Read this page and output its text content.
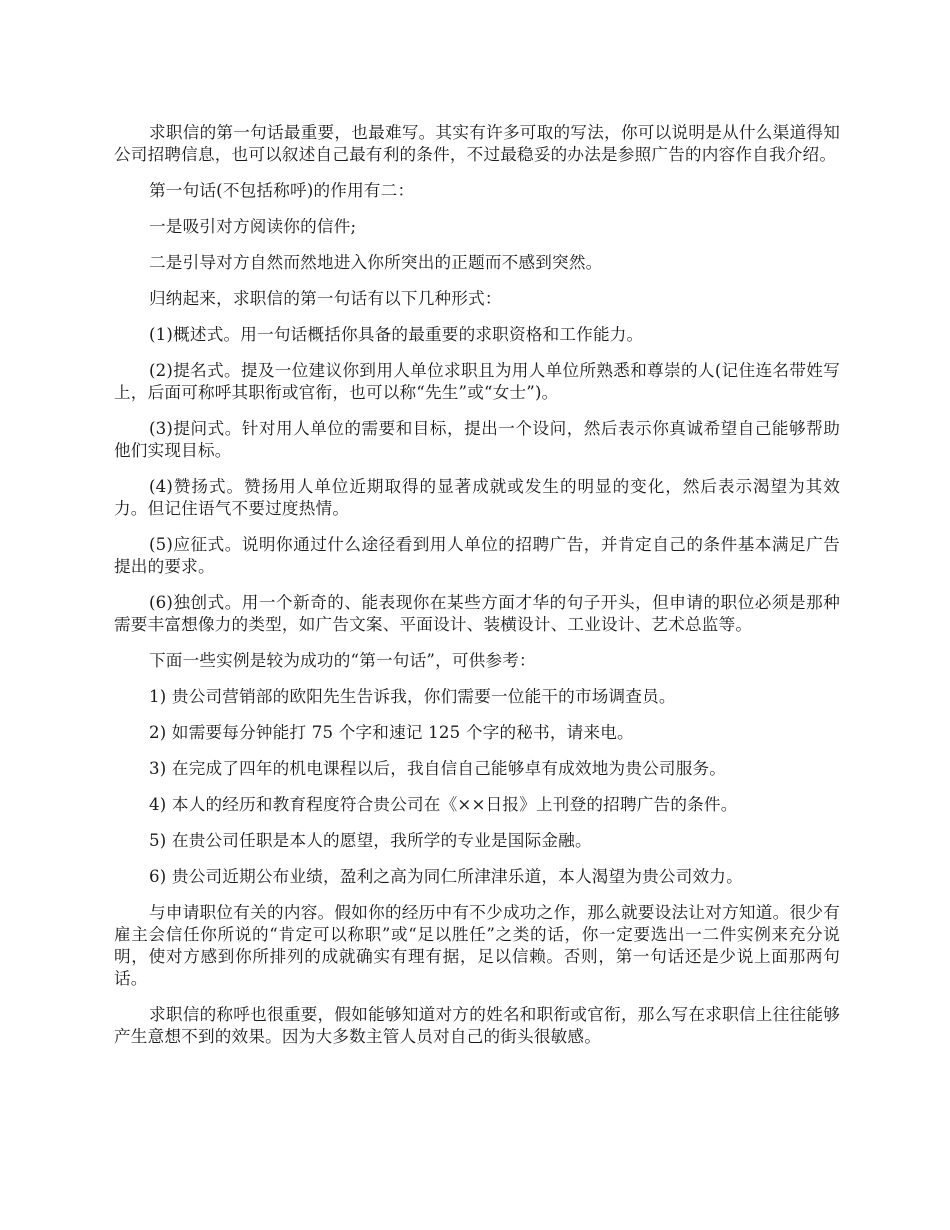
求职信的第一句话最重要，也最难写。其实有许多可取的写法，你可以说明是从什么渠道得知公司招聘信息，也可以叙述自己最有利的条件，不过最稳妥的办法是参照广告的内容作自我介绍。

第一句话(不包括称呼)的作用有二：

一是吸引对方阅读你的信件;

二是引导对方自然而然地进入你所突出的正题而不感到突然。

归纳起来，求职信的第一句话有以下几种形式：

(1)概述式。用一句话概括你具备的最重要的求职资格和工作能力。

(2)提名式。提及一位建议你到用人单位求职且为用人单位所熟悉和尊崇的人(记住连名带姓写上，后面可称呼其职衔或官衔，也可以称“先生”或“女士”)。

(3)提问式。针对用人单位的需要和目标，提出一个设问，然后表示你真诚希望自己能够帮助他们实现目标。

(4)赞扬式。赞扬用人单位近期取得的显著成就或发生的明显的变化，然后表示渴望为其效力。但记住语气不要过度热情。

(5)应征式。说明你通过什么途径看到用人单位的招聘广告，并肯定自己的条件基本满足广告提出的要求。

(6)独创式。用一个新奇的、能表现你在某些方面才华的句子开头，但申请的职位必须是那种需要丰富想像力的类型，如广告文案、平面设计、装横设计、工业设计、艺术总监等。

下面一些实例是较为成功的“第一句话”，可供参考：

1) 贵公司营销部的欧阳先生告诉我，你们需要一位能干的市场调查员。

2) 如需要每分钟能打 75 个字和速记 125 个字的秘书，请来电。

3) 在完成了四年的机电课程以后，我自信自己能够卓有成效地为贵公司服务。

4) 本人的经历和教育程度符合贵公司在《××日报》上刊登的招聘广告的条件。

5) 在贵公司任职是本人的愿望，我所学的专业是国际金融。

6) 贵公司近期公布业绩，盈利之高为同仁所津津乐道，本人渴望为贵公司效力。

与申请职位有关的内容。假如你的经历中有不少成功之作，那么就要设法让对方知道。很少有雇主会信任你所说的“肯定可以称职”或“足以胜任”之类的话，你一定要选出一二件实例来充分说明，使对方感到你所排列的成就确实有理有据，足以信赖。否则，第一句话还是少说上面那两句话。

求职信的称呼也很重要，假如能够知道对方的姓名和职衔或官衔，那么写在求职信上往往能够产生意想不到的效果。因为大多数主管人员对自己的街头很敏感。
